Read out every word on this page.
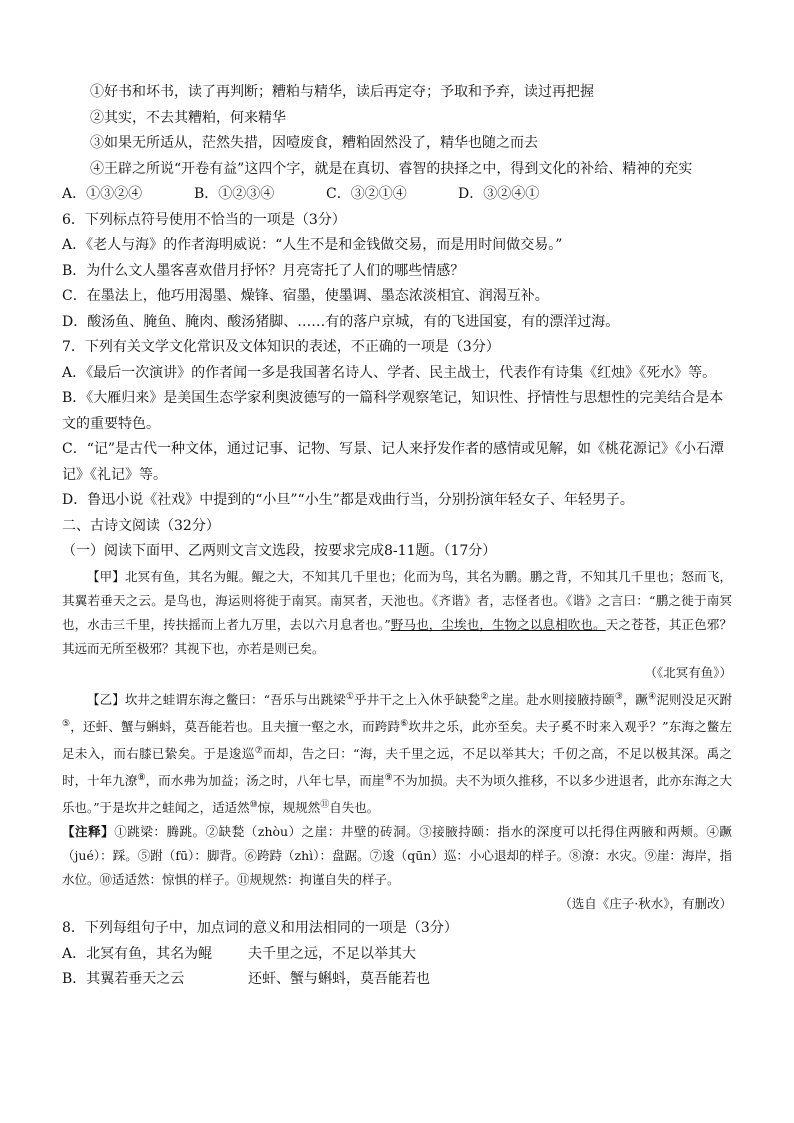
①好书和坏书，读了再判断；糟粕与精华，读后再定夺；予取和予弃，读过再把握
②其实，不去其糟粕，何来精华
③如果无所适从，茫然失措，因噎废食，糟粕固然没了，精华也随之而去
④王辟之所说“开卷有益”这四个字，就是在真切、睿智的抉择之中，得到文化的补给、精神的充实
A．①③②④	B．①②③④	C．③②①④	D．③②④①
6．下列标点符号使用不恰当的一项是（3分）
A．《老人与海》的作者海明威说：“人生不是和金钱做交易，而是用时间做交易。”
B．为什么文人墨客喜欢借月抒怀？月亮寄托了人们的哪些情感？
C．在墨法上，他巧用渴墨、燥锋、宿墨，使墨调、墨态浓淡相宜、润渴互补。
D．酸汤鱼、腌鱼、腌肉、酸汤猪脚、……有的落户京城，有的飞进国宴，有的漂洋过海。
7．下列有关文学文化常识及文体知识的表述，不正确的一项是（3分）
A．《最后一次演讲》的作者闻一多是我国著名诗人、学者、民主战士，代表作有诗集《红烛》《死水》等。
B．《大雁归来》是美国生态学家利奥波德写的一篇科学观察笔记，知识性、抒情性与思想性的完美结合是本文的重要特色。
C．“记”是古代一种文体，通过记事、记物、写景、记人来抒发作者的感情或见解，如《桃花源记》《小石潭记》《礼记》等。
D．鲁迅小说《社戏》中提到的“小旦”“小生”都是戏曲行当，分别扮演年轻女子、年轻男子。
二、古诗文阅读（32分）
（一）阅读下面甲、乙两则文言文选段，按要求完成8-11题。（17分）
【甲】北冥有鱼，其名为鲲。鲲之大，不知其几千里也；化而为鸟，其名为鹏。鹏之背，不知其几千里也；怒而飞，其翼若垂天之云。是鸟也，海运则将徙于南冥。南冥者，天池也。《齐谐》者，志怪者也。《谐》之言曰：“鹏之徙于南冥也，水击三千里，抟扶摇而上者九万里，去以六月息者也。”野马也，尘埃也，生物之以息相吹也。天之苍苍，其正色邪？其远而无所至极邪？其视下也，亦若是则已矣。
（《北冥有鱼》）
【乙】坎井之蛙谓东海之鳖曰：“吾乐与出跳梁①乎井干之上入休乎缺甃②之崖。赴水则接腋持颐③，蹶④泥则没足灭跗⑤，还虷、蟹与蝌蚪，莫吾能若也。且夫擅一壑之水，而跨跱⑥坎井之乐，此亦至矣。夫子奚不时来入观乎？”东海之鳖左足未入，而右膝已絷矣。于是逡巡⑦而却，告之曰：“海，夫千里之远，不足以举其大；千仞之高，不足以极其深。禹之时，十年九潦⑧，而水弗为加益；汤之时，八年七旱，而崖⑨不为加损。夫不为顷久推移，不以多少进退者，此亦东海之大乐也。”于是坎井之蛙闻之，适适然⑩惊，规规然⑪自失也。
【注释】①跳梁：腾跳。②缺甃（zhòu）之崖：井壁的砖洞。③接腋持颐：指水的深度可以托得住两腋和两颊。④蹶（jué）：踩。⑤跗（fū）：脚背。⑥跨跱（zhì）：盘踞。⑦逡（qūn）巡：小心退却的样子。⑧潦：水灾。⑨崖：海岸，指水位。⑩适适然：惊惧的样子。⑪规规然：拘谨自失的样子。
（选自《庄子·秋水》，有删改）
8．下列每组句子中，加点词的意义和用法相同的一项是（3分）
A．北冥有鱼，其名为鲲	夫千里之远，不足以举其大
B．其翼若垂天之云	还虷、蟹与蝌蚪，莫吾能若也
